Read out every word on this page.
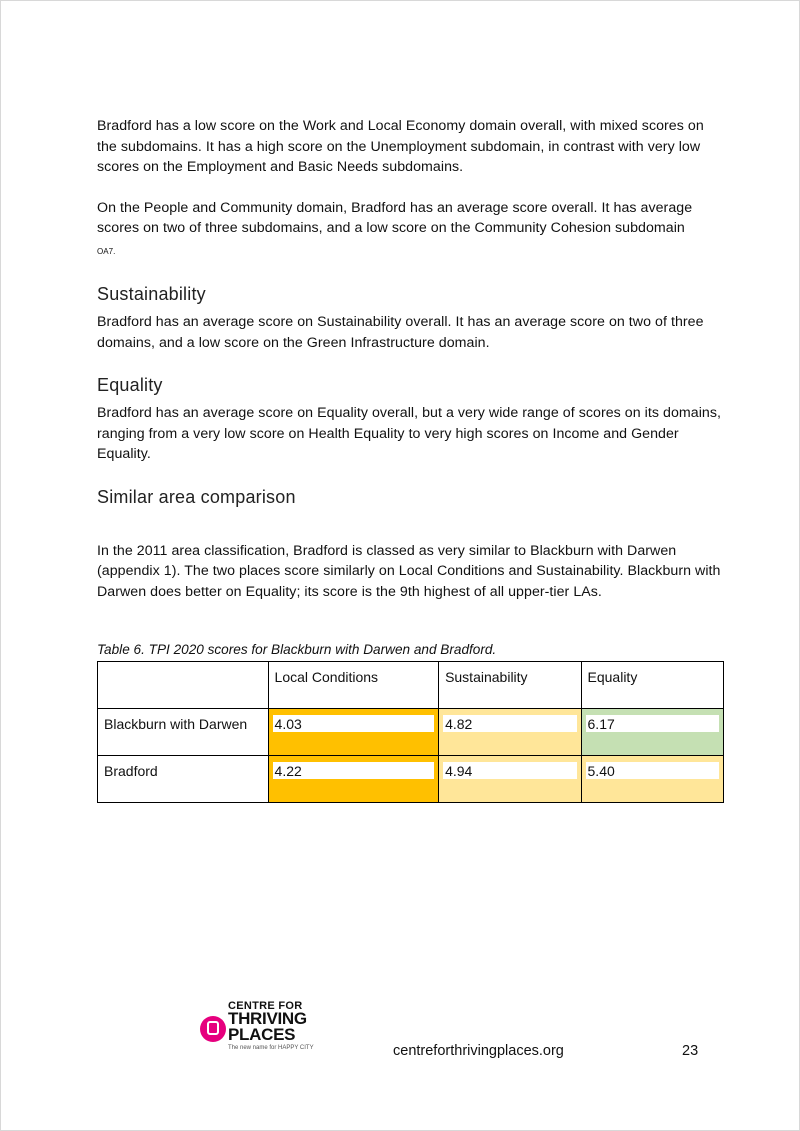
Bradford has a low score on the Work and Local Economy domain overall, with mixed scores on the subdomains. It has a high score on the Unemployment subdomain, in contrast with very low scores on the Employment and Basic Needs subdomains.

On the People and Community domain, Bradford has an average score overall. It has average scores on two of three subdomains, and a low score on the Community Cohesion subdomain
OA7.

Sustainability

Bradford has an average score on Sustainability overall. It has an average score on two of three domains, and a low score on the Green Infrastructure domain.

Equality

Bradford has an average score on Equality overall, but a very wide range of scores on its domains, ranging from a very low score on Health Equality to very high scores on Income and Gender Equality.

Similar area comparison

In the 2011 area classification, Bradford is classed as very similar to Blackburn with Darwen (appendix 1). The two places score similarly on Local Conditions and Sustainability. Blackburn with Darwen does better on Equality; its score is the 9th highest of all upper-tier LAs.

Table 6. TPI 2020 scores for Blackburn with Darwen and Bradford.

	Local Conditions	Sustainability	Equality

Blackburn with Darwen	4.03	4.82	6.17

Bradford	4.22	4.94	5.40
CENTRE FOR
THRIVING
PLACES
The new name for HAPPY CITY	centreforthrivingplaces.org	23
